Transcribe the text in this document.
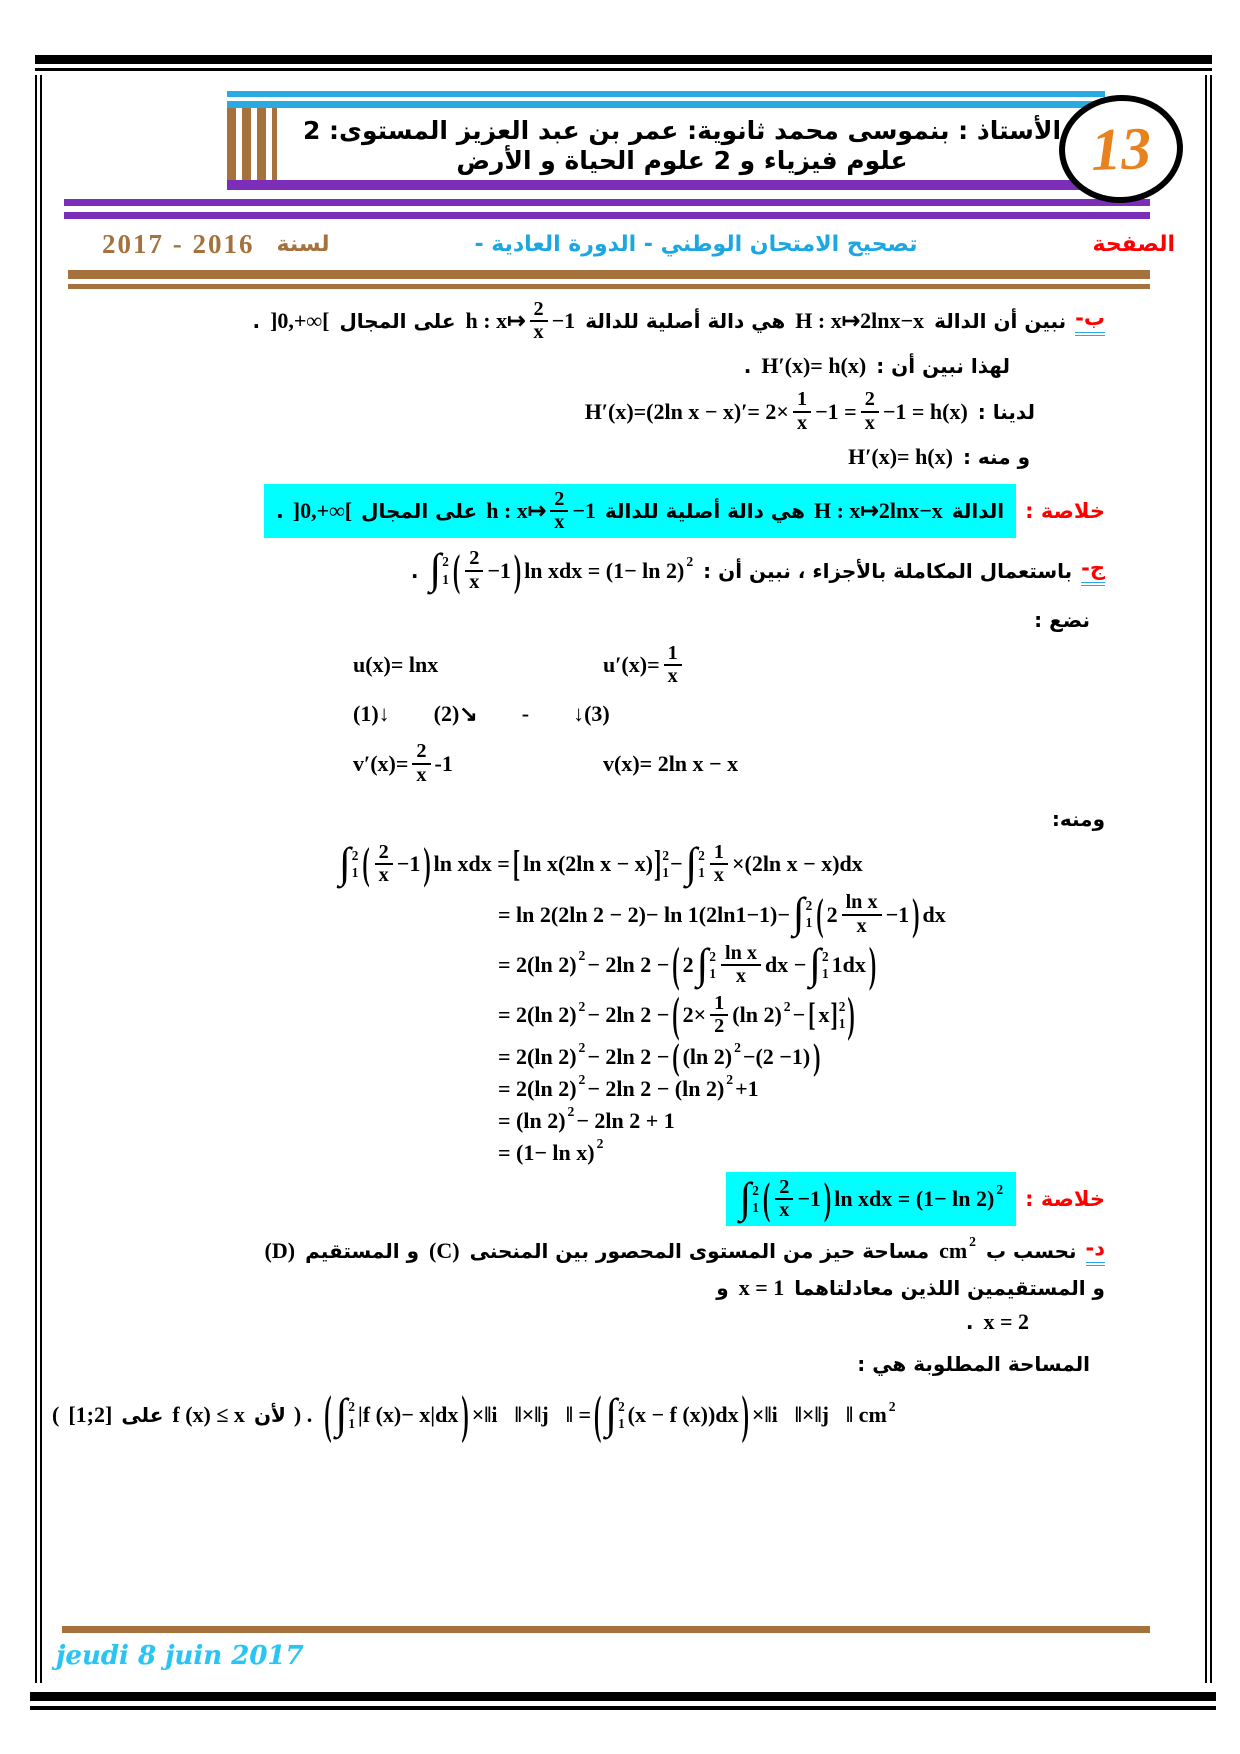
الأستاذ : بنموسى محمد ثانوية: عمر بن عبد العزيز المستوى: 2 علوم فيزياء و 2 علوم الحياة و الأرض	13
الصفحة
تصحيح الامتحان الوطني - الدورة العادية -
لسنة
2017 - 2016
ب-
نبين أن الدالة
H : x↦2lnx−x
هي دالة أصلية للدالة
h : x↦ $\frac{2}{x} -1$
على المجال
]0,+∞[
.
لهذا نبين أن :
H′(x)= h(x)
.
لدينا :
H′(x)=(2ln $x - x)'= 2\times \frac{1}{x} -1 = \frac{2}{x} -1 = h(x)$
و منه :
H′(x)= h(x)
خلاصة :
الدالة
H : x↦2lnx−x
هي دالة أصلية للدالة
h : x↦ $\frac{2}{x} -1$
على المجال
]0,+∞[
.
ج-
باستعمال المكاملة بالأجزاء ، نبين أن :
∫ 2
1 ( $\frac{2}{x} -1$ ) ln xdx = (1− ln 2) 2
.
نضع :
u(x)= lnx	$u'(x)= \frac{1}{x}$
(1)↓ (2)↘ - ↓(3)
$v'(x)= \frac{2}{x} -1$	v(x)= 2ln x − x
ومنه:
∫ 2
1 ( $\frac{2}{x} -1$ ) ln xdx = [ ln x(2ln x − x) ] 2
1 − ∫ 2
$1 \frac{1}{x} \times(2\ln$ x − x)dx
= ln 2(2ln 2 − 2)− ln 1(2ln1−1)− ∫ 2
1 ( $2 \frac{\text{ln x}}{x} -1$ ) dx
= 2(ln 2) 2 − 2ln 2 − ( 2 ∫ 2
$1 \frac{\text{ln x}}{x}$ dx − ∫ 2
1 1dx )
= 2(ln 2) 2 − 2ln 2 − ( $2\times \frac{1}{2} (\ln$ 2) 2 − [ x ] 2
1 )
= 2(ln 2) 2 − 2ln 2 − ( (ln 2) 2 −(2 −1) )
= 2(ln 2) 2 − 2ln 2 − (ln 2) 2 +1
= (ln 2) 2 − 2ln 2 + 1
= (1− ln x) 2
خلاصة :
∫ 2
1 ( $\frac{2}{x} -1$ ) ln xdx = (1− ln 2) 2
د-
نحسب ب
cm 2
مساحة حيز من المستوى المحصور بين المنحنى
(C)
و المستقيم
(D)
و المستقيمين اللذين معادلتاهما
x = 1
و
x = 2
.
المساحة المطلوبة هي :
( [1;2] على f (x) ≤ x لأن ) . ( ∫ 2
1 |f (x)− x|dx ) ×‖i⃗‖×‖j⃗‖ = ( ∫ 2
1 (x − f (x))dx ) ×‖i⃗‖×‖j⃗‖ cm 2
jeudi 8 juin 2017
